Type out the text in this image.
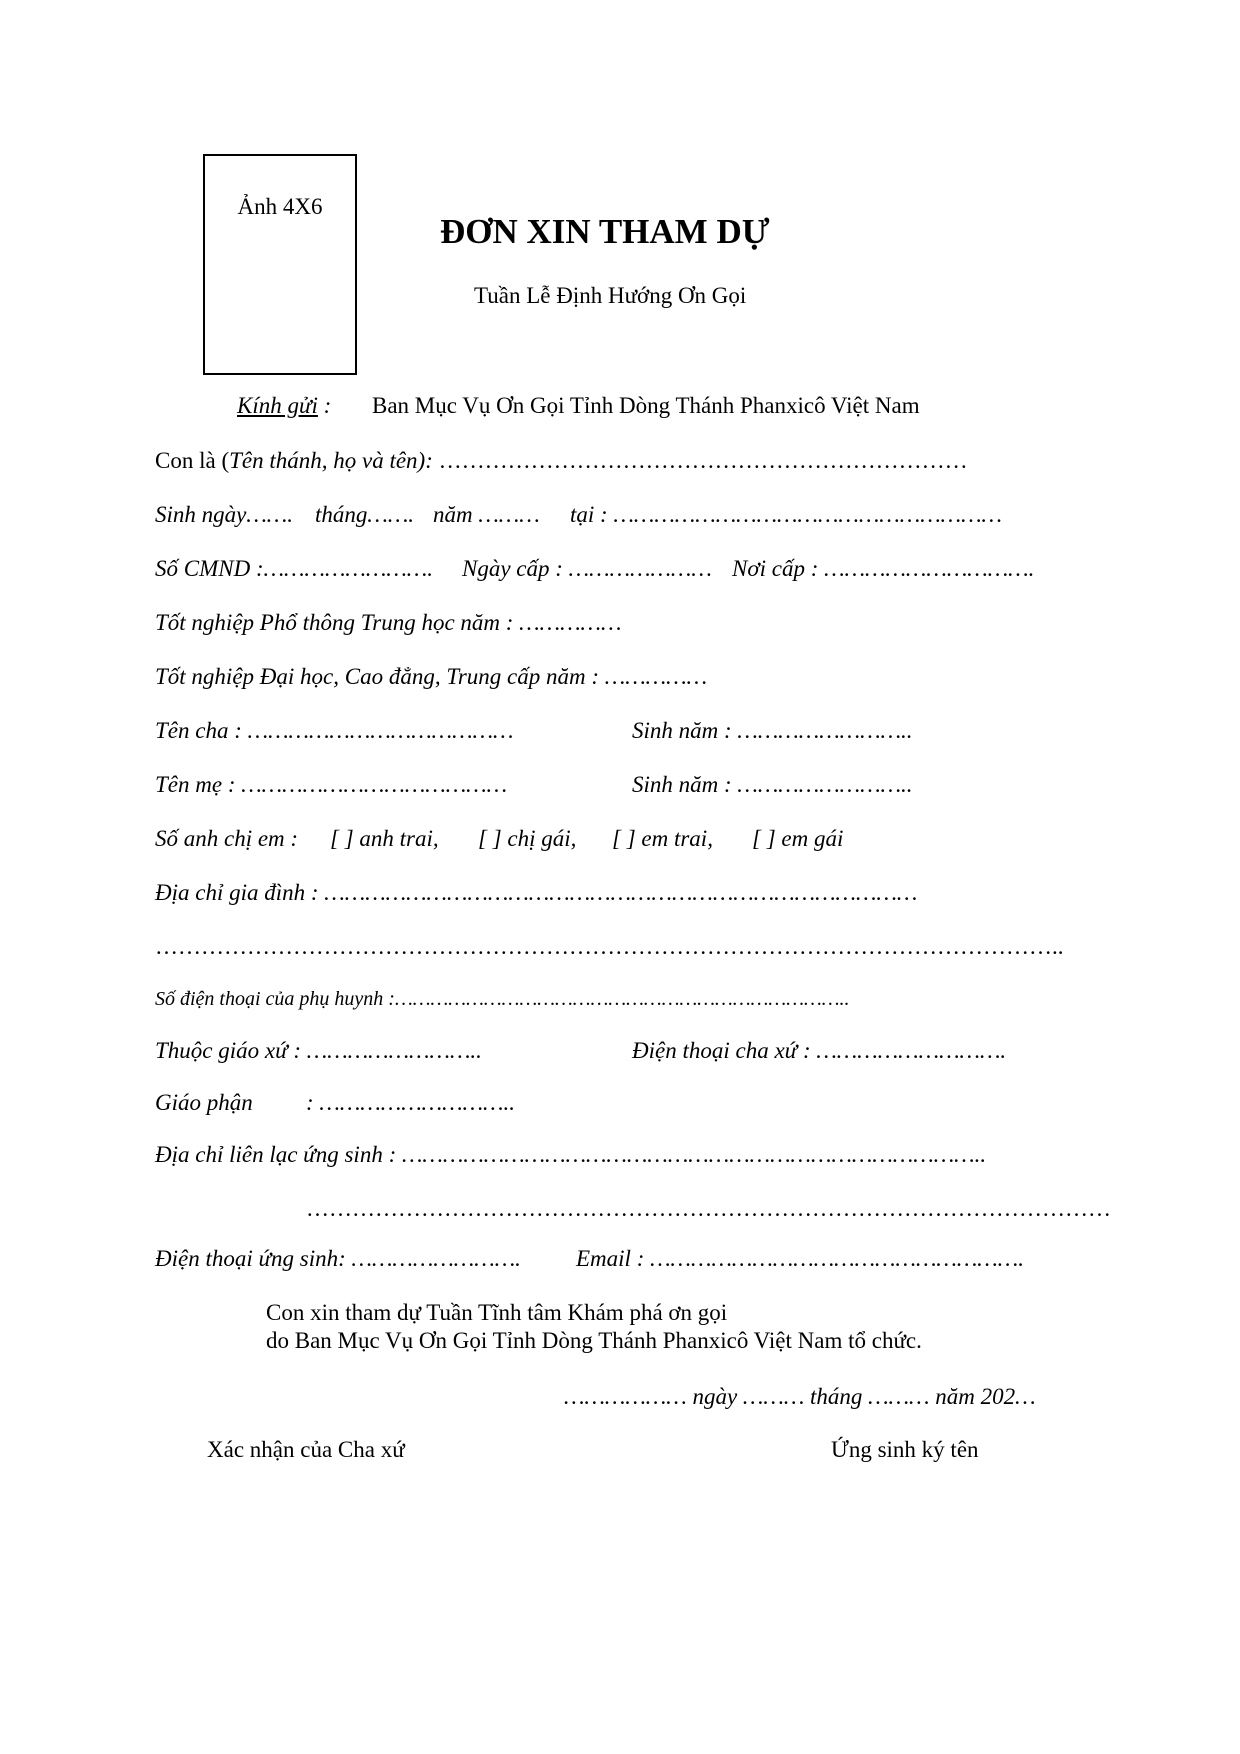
Ảnh 4X6
ĐƠN XIN THAM DỰ
Tuần Lễ Định Hướng Ơn Gọi
Kính gửi : Ban Mục Vụ Ơn Gọi Tỉnh Dòng Thánh Phanxicô Việt Nam
Con là (Tên thánh, họ và tên): ……………………………………………………………
Sinh ngày……. tháng……. năm ……… tại : …………………………………………………
Số CMND :……………………. Ngày cấp : ………………… Nơi cấp : ………………………….
Tốt nghiệp Phổ thông Trung học năm : ……………
Tốt nghiệp Đại học, Cao đẳng, Trung cấp năm : ……………
Tên cha : …………………………………	Sinh năm : ……………………..
Tên mẹ : …………………………………	Sinh năm : ……………………..
Số anh chị em : [ ] anh trai, [ ] chị gái, [ ] em trai, [ ] em gái
Địa chỉ gia đình : ……………………………………………………………………………
………………………………………………………………………………………………………..
Số điện thoại của phụ huynh :…………………………………………………………………..
Thuộc giáo xứ : ……………………..	Điện thoại cha xứ : ……………………….
Giáo phận : ………………………..
Địa chỉ liên lạc ứng sinh : …………………………………………………………………………..
……………………………………………………………………………………………
Điện thoại ứng sinh: ……………………. Email : ……………………………………………….
Con xin tham dự Tuần Tĩnh tâm Khám phá ơn gọi
do Ban Mục Vụ Ơn Gọi Tỉnh Dòng Thánh Phanxicô Việt Nam tổ chức.
……………… ngày ……… tháng ……… năm 202…
Xác nhận của Cha xứ	Ứng sinh ký tên
